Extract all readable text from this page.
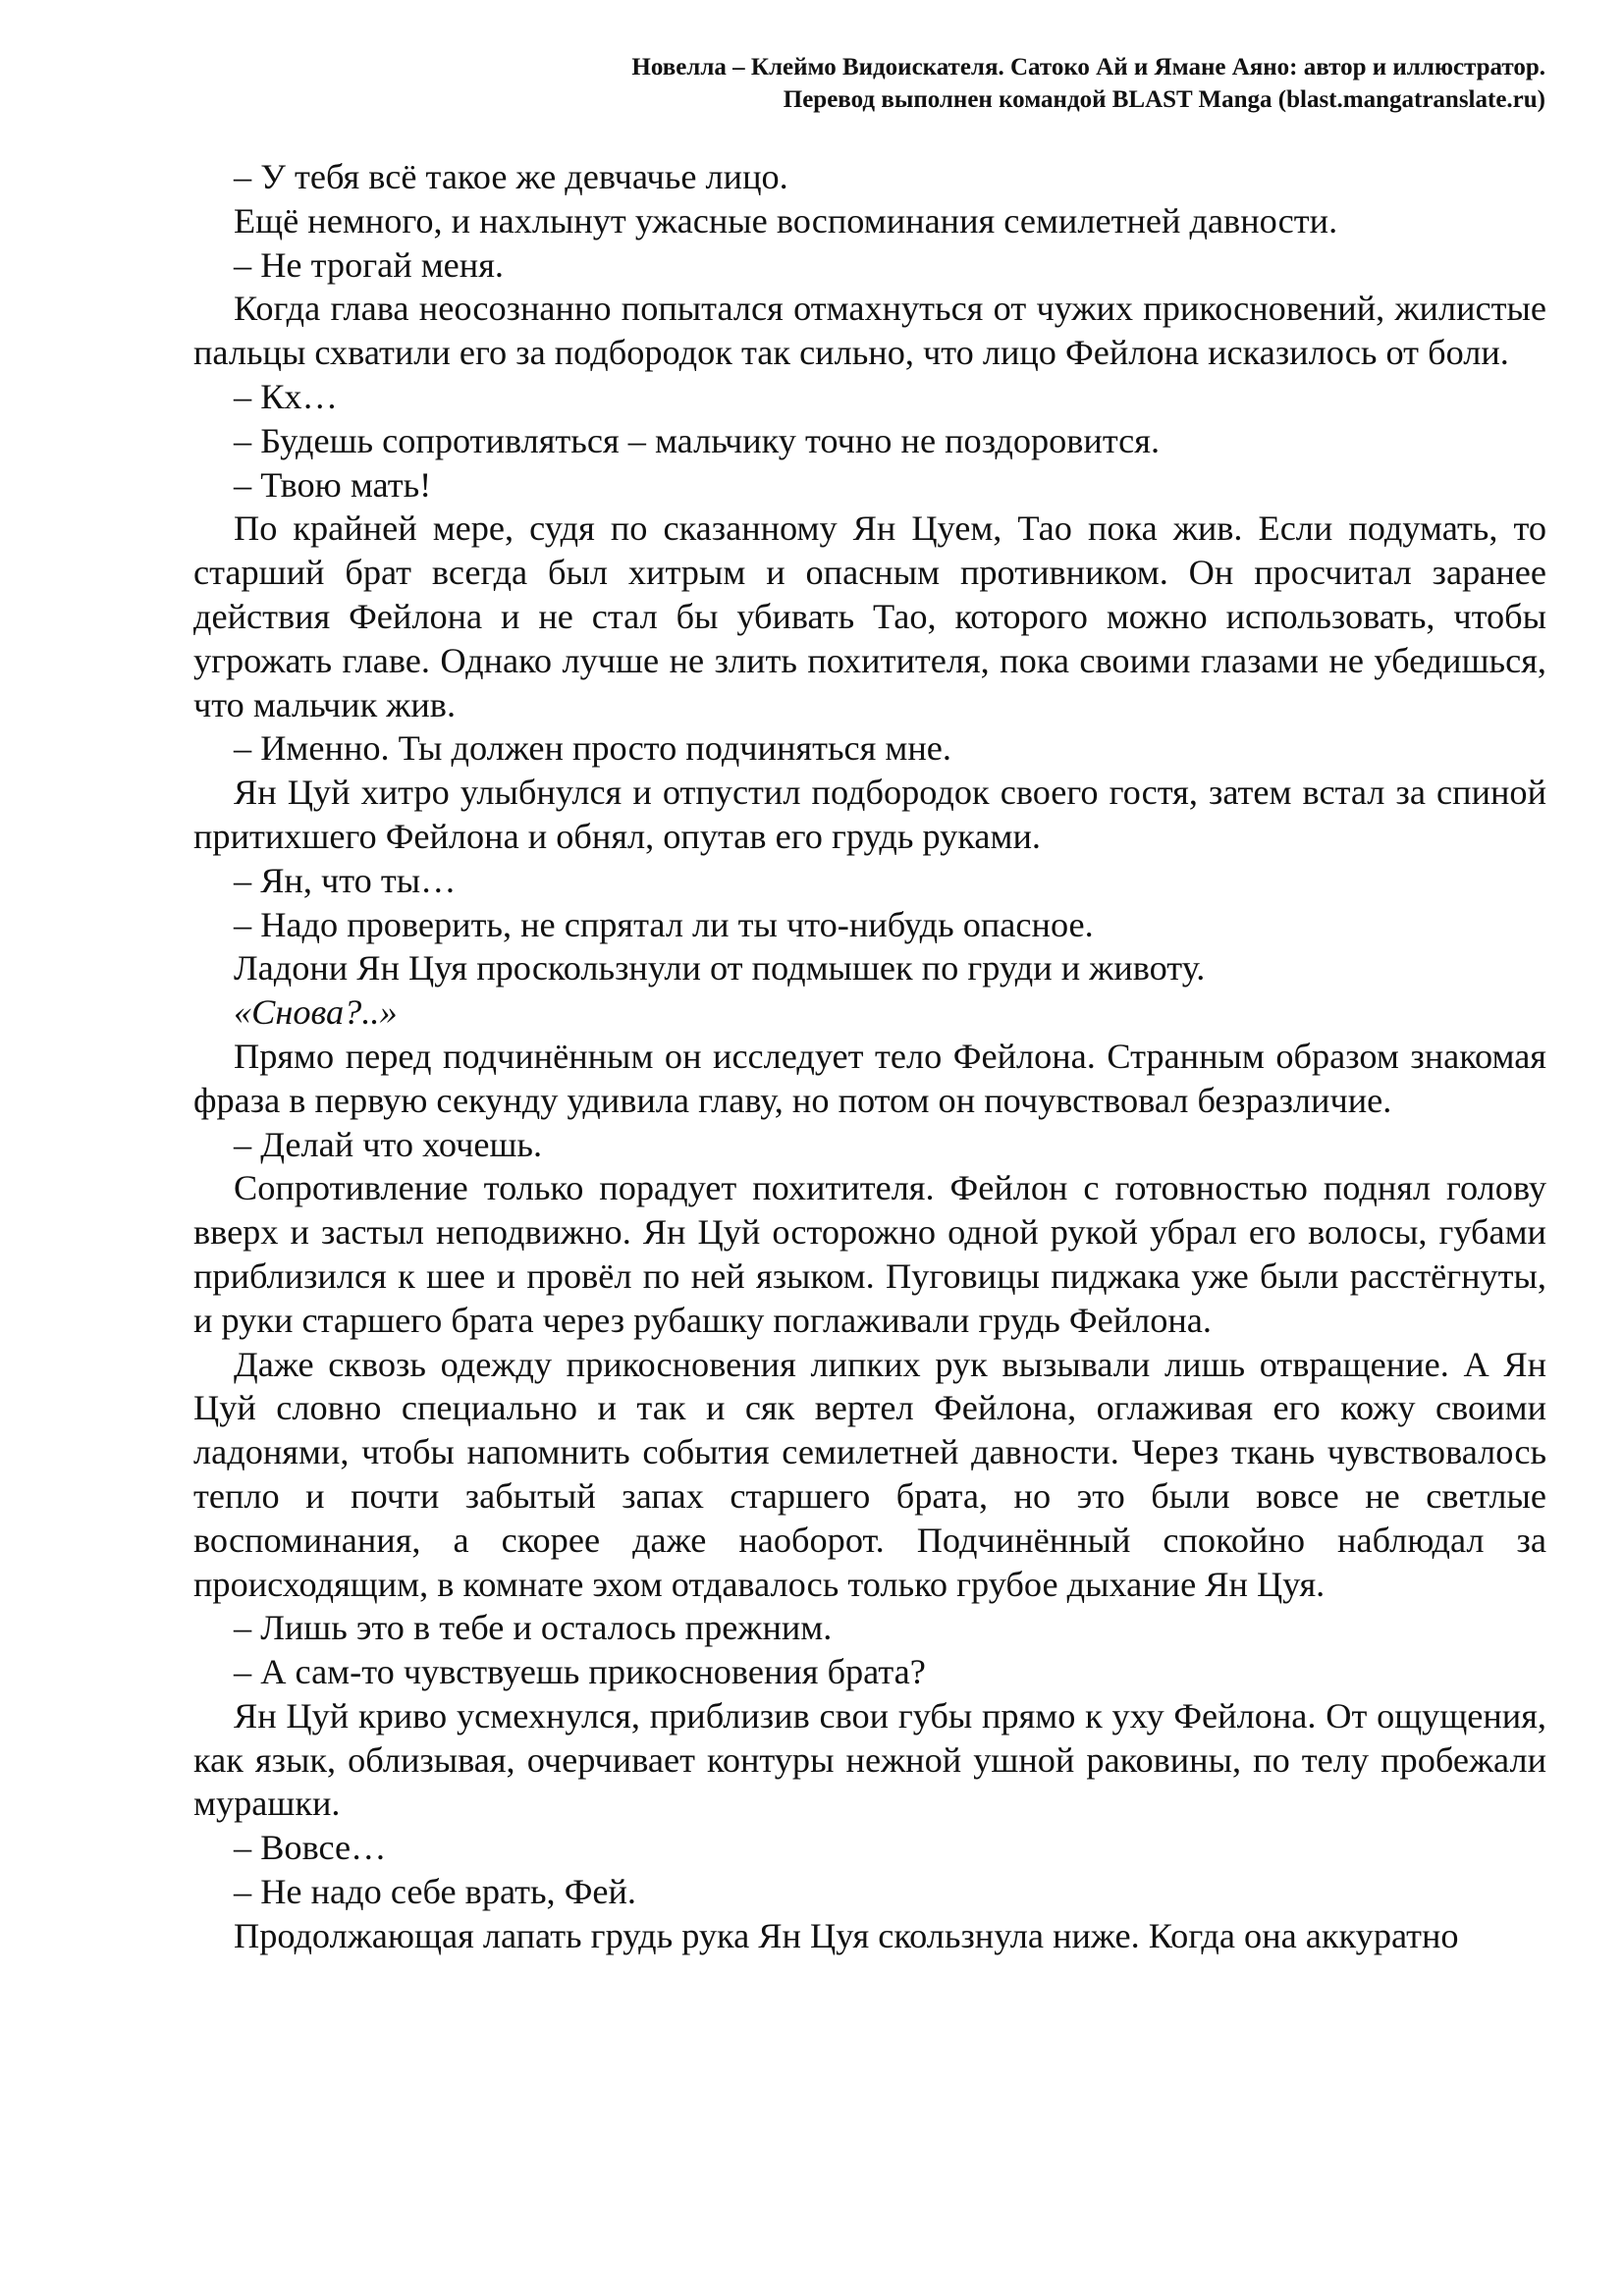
Новелла – Клеймо Видоискателя. Сатоко Ай и Ямане Аяно: автор и иллюстратор.
Перевод выполнен командой BLAST Manga (blast.mangatranslate.ru)

– У тебя всё такое же девчачье лицо.

Ещё немного, и нахлынут ужасные воспоминания семилетней давности.

– Не трогай меня.

Когда глава неосознанно попытался отмахнуться от чужих прикосновений, жилистые пальцы схватили его за подбородок так сильно, что лицо Фейлона исказилось от боли.

– Кх…

– Будешь сопротивляться – мальчику точно не поздоровится.

– Твою мать!

По крайней мере, судя по сказанному Ян Цуем, Тао пока жив. Если подумать, то старший брат всегда был хитрым и опасным противником. Он просчитал заранее действия Фейлона и не стал бы убивать Тао, которого можно использовать, чтобы угрожать главе. Однако лучше не злить похитителя, пока своими глазами не убедишься, что мальчик жив.

– Именно. Ты должен просто подчиняться мне.

Ян Цуй хитро улыбнулся и отпустил подбородок своего гостя, затем встал за спиной притихшего Фейлона и обнял, опутав его грудь руками.

– Ян, что ты…

– Надо проверить, не спрятал ли ты что-нибудь опасное.

Ладони Ян Цуя проскользнули от подмышек по груди и животу.

«Снова?..»

Прямо перед подчинённым он исследует тело Фейлона. Странным образом знакомая фраза в первую секунду удивила главу, но потом он почувствовал безразличие.

– Делай что хочешь.

Сопротивление только порадует похитителя. Фейлон с готовностью поднял голову вверх и застыл неподвижно. Ян Цуй осторожно одной рукой убрал его волосы, губами приблизился к шее и провёл по ней языком. Пуговицы пиджака уже были расстёгнуты, и руки старшего брата через рубашку поглаживали грудь Фейлона.

Даже сквозь одежду прикосновения липких рук вызывали лишь отвращение. А Ян Цуй словно специально и так и сяк вертел Фейлона, оглаживая его кожу своими ладонями, чтобы напомнить события семилетней давности. Через ткань чувствовалось тепло и почти забытый запах старшего брата, но это были вовсе не светлые воспоминания, а скорее даже наоборот. Подчинённый спокойно наблюдал за происходящим, в комнате эхом отдавалось только грубое дыхание Ян Цуя.

– Лишь это в тебе и осталось прежним.

– А сам-то чувствуешь прикосновения брата?

Ян Цуй криво усмехнулся, приблизив свои губы прямо к уху Фейлона. От ощущения, как язык, облизывая, очерчивает контуры нежной ушной раковины, по телу пробежали мурашки.

– Вовсе…

– Не надо себе врать, Фей.

Продолжающая лапать грудь рука Ян Цуя скользнула ниже. Когда она аккуратно
